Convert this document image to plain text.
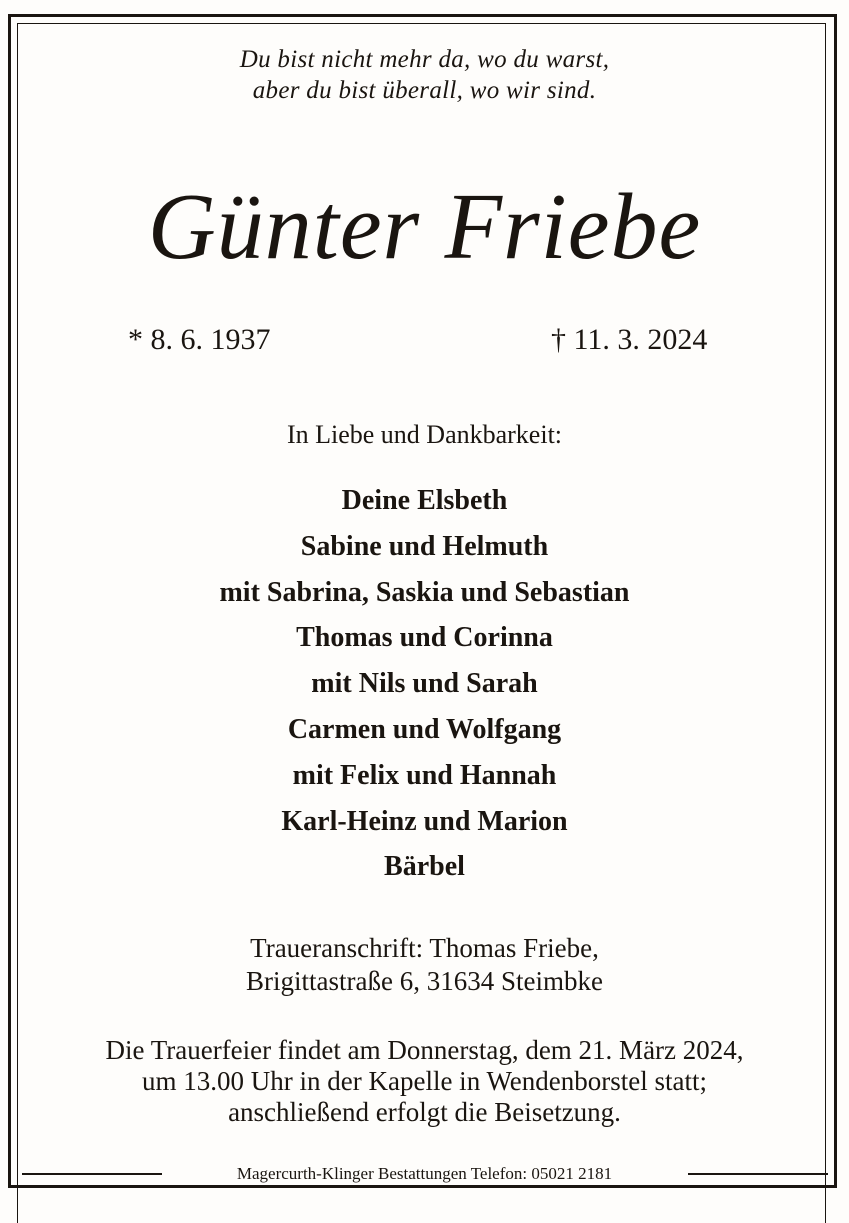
Du bist nicht mehr da, wo du warst,
aber du bist überall, wo wir sind.
Günter Friebe
* 8. 6. 1937	† 11. 3. 2024
In Liebe und Dankbarkeit:
Deine Elsbeth
Sabine und Helmuth
mit Sabrina, Saskia und Sebastian
Thomas und Corinna
mit Nils und Sarah
Carmen und Wolfgang
mit Felix und Hannah
Karl-Heinz und Marion
Bärbel
Traueranschrift: Thomas Friebe,
Brigittastraße 6, 31634 Steimbke
Die Trauerfeier findet am Donnerstag, dem 21. März 2024,
um 13.00 Uhr in der Kapelle in Wendenborstel statt;
anschließend erfolgt die Beisetzung.
Magercurth-Klinger Bestattungen Telefon: 05021 2181
